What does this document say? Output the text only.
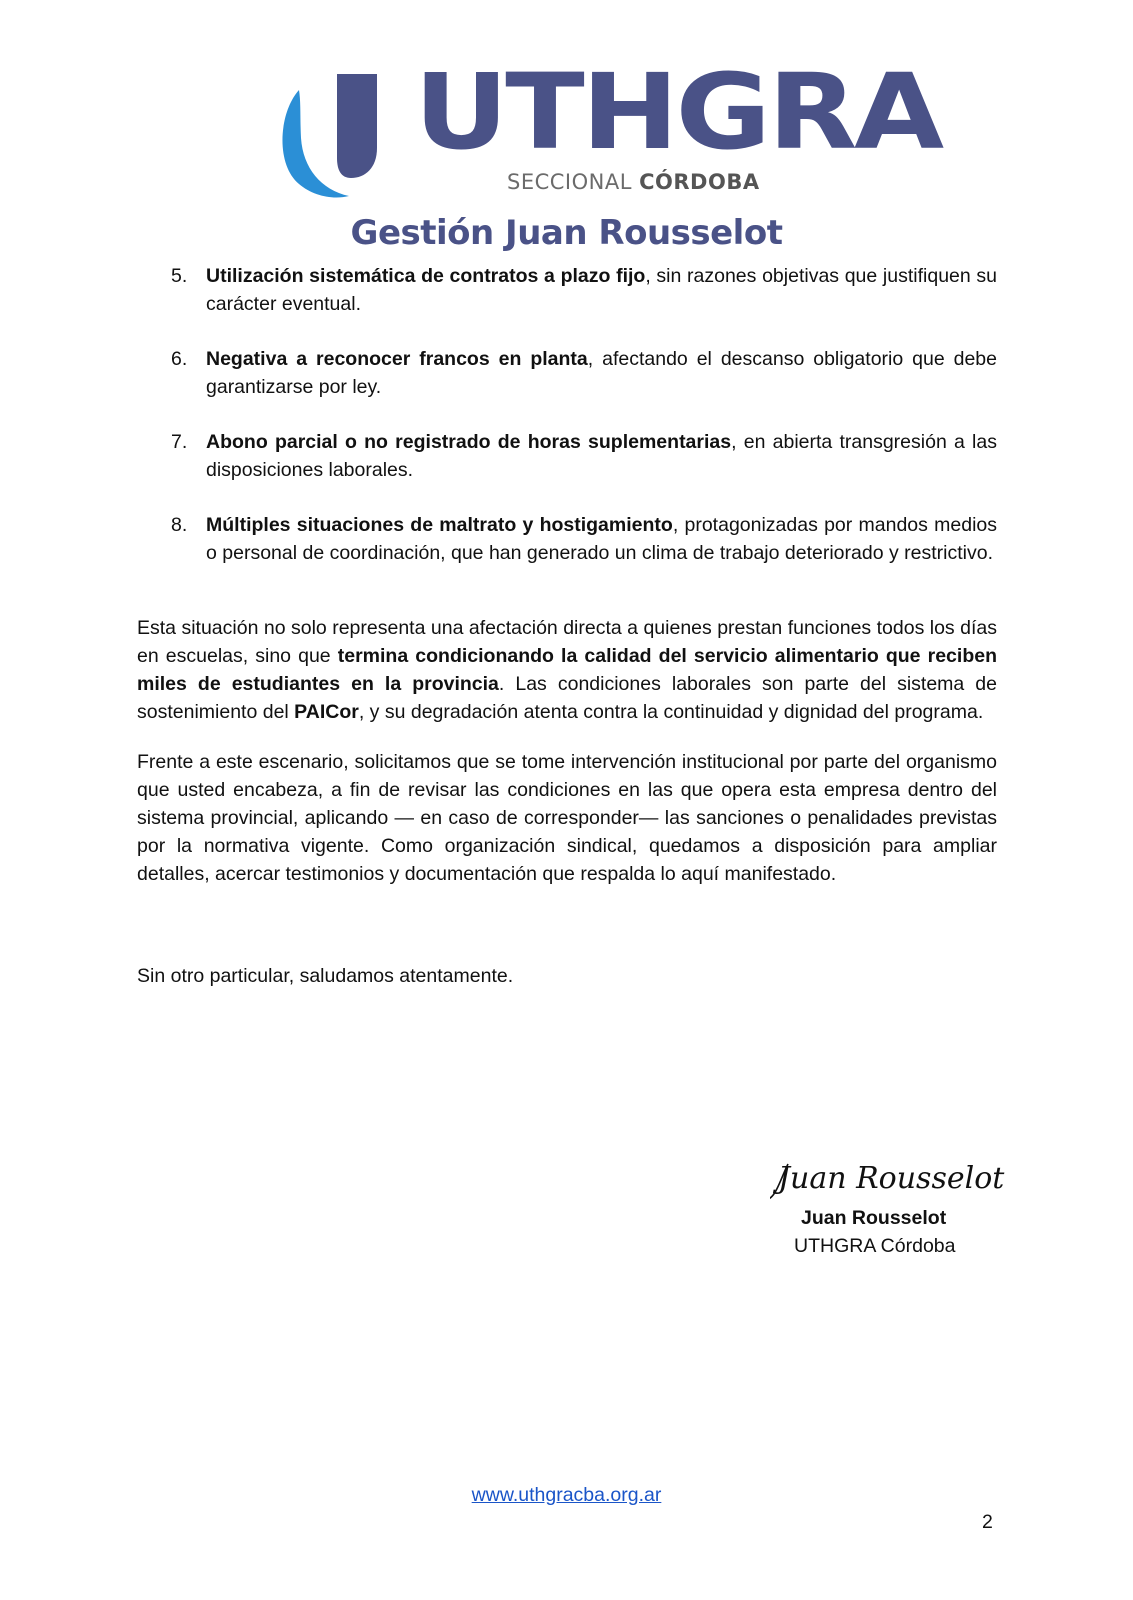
UTHGRA
SECCIONAL CÓRDOBA
Gestión Juan Rousselot
5. Utilización sistemática de contratos a plazo fijo, sin razones objetivas que justifiquen su carácter eventual.
6. Negativa a reconocer francos en planta, afectando el descanso obligatorio que debe garantizarse por ley.
7. Abono parcial o no registrado de horas suplementarias, en abierta transgresión a las disposiciones laborales.
8. Múltiples situaciones de maltrato y hostigamiento, protagonizadas por mandos medios o personal de coordinación, que han generado un clima de trabajo deteriorado y restrictivo.

Esta situación no solo representa una afectación directa a quienes prestan funciones todos los días en escuelas, sino que termina condicionando la calidad del servicio alimentario que reciben miles de estudiantes en la provincia. Las condiciones laborales son parte del sistema de sostenimiento del PAICor, y su degradación atenta contra la continuidad y dignidad del programa.

Frente a este escenario, solicitamos que se tome intervención institucional por parte del organismo que usted encabeza, a fin de revisar las condiciones en las que opera esta empresa dentro del sistema provincial, aplicando — en caso de corresponder— las sanciones o penalidades previstas por la normativa vigente. Como organización sindical, quedamos a disposición para ampliar detalles, acercar testimonios y documentación que respalda lo aquí manifestado.

Sin otro particular, saludamos atentamente.

Juan Rousselot
Juan Rousselot
UTHGRA Córdoba
www.uthgracba.org.ar
2
